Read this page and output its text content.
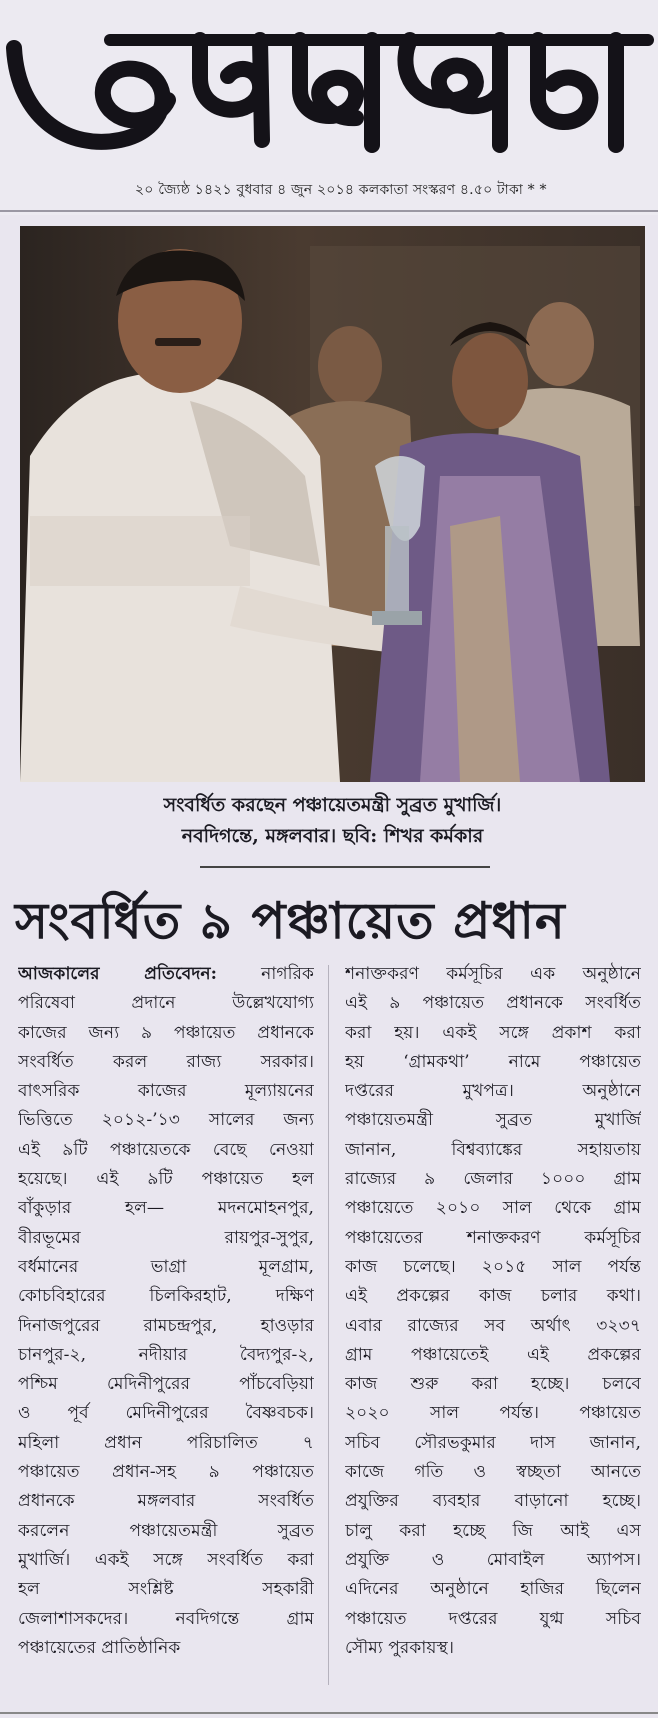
২০ জ্যৈষ্ঠ ১৪২১ বুধবার ৪ জুন ২০১৪ কলকাতা সংস্করণ ৪.৫০ টাকা * *
সংবর্ধিত করছেন পঞ্চায়েতমন্ত্রী সুব্রত মুখার্জি।
নবদিগন্তে, মঙ্গলবার। ছবি: শিখর কর্মকার
সংবর্ধিত ৯ পঞ্চায়েত প্রধান
আজকালের প্রতিবেদন: নাগরিক
পরিষেবা প্রদানে উল্লেখযোগ্য
কাজের জন্য ৯ পঞ্চায়েত প্রধানকে
সংবর্ধিত করল রাজ্য সরকার।
বাৎসরিক কাজের মূল্যায়নের
ভিত্তিতে ২০১২-’১৩ সালের জন্য
এই ৯টি পঞ্চায়েতকে বেছে নেওয়া
হয়েছে। এই ৯টি পঞ্চায়েত হল
বাঁকুড়ার হল— মদনমোহনপুর,
বীরভূমের রায়পুর-সুপুর,
বর্ধমানের ভাগ্রা মূলগ্রাম,
কোচবিহারের চিলকিরহাট, দক্ষিণ
দিনাজপুরের রামচন্দ্রপুর, হাওড়ার
চানপুর-২, নদীয়ার বৈদ্যপুর-২,
পশ্চিম মেদিনীপুরের পাঁচবেড়িয়া
ও পূর্ব মেদিনীপুরের বৈষ্ণবচক।
মহিলা প্রধান পরিচালিত ৭
পঞ্চায়েত প্রধান-সহ ৯ পঞ্চায়েত
প্রধানকে মঙ্গলবার সংবর্ধিত
করলেন পঞ্চায়েতমন্ত্রী সুব্রত
মুখার্জি। একই সঙ্গে সংবর্ধিত করা
হল সংশ্লিষ্ট সহকারী
জেলাশাসকদের। নবদিগন্তে গ্রাম
পঞ্চায়েতের প্রাতিষ্ঠানিক
শনাক্তকরণ কর্মসূচির এক অনুষ্ঠানে
এই ৯ পঞ্চায়েত প্রধানকে সংবর্ধিত
করা হয়। একই সঙ্গে প্রকাশ করা
হয় ‘গ্রামকথা’ নামে পঞ্চায়েত
দপ্তরের মুখপত্র। অনুষ্ঠানে
পঞ্চায়েতমন্ত্রী সুব্রত মুখার্জি
জানান, বিশ্বব্যাঙ্কের সহায়তায়
রাজ্যের ৯ জেলার ১০০০ গ্রাম
পঞ্চায়েতে ২০১০ সাল থেকে গ্রাম
পঞ্চায়েতের শনাক্তকরণ কর্মসূচির
কাজ চলেছে। ২০১৫ সাল পর্যন্ত
এই প্রকল্পের কাজ চলার কথা।
এবার রাজ্যের সব অর্থাৎ ৩২৩৭
গ্রাম পঞ্চায়েতেই এই প্রকল্পের
কাজ শুরু করা হচ্ছে। চলবে
২০২০ সাল পর্যন্ত। পঞ্চায়েত
সচিব সৌরভকুমার দাস জানান,
কাজে গতি ও স্বচ্ছতা আনতে
প্রযুক্তির ব্যবহার বাড়ানো হচ্ছে।
চালু করা হচ্ছে জি আই এস
প্রযুক্তি ও মোবাইল অ্যাপস।
এদিনের অনুষ্ঠানে হাজির ছিলেন
পঞ্চায়েত দপ্তরের যুগ্ম সচিব
সৌম্য পুরকায়স্থ।
